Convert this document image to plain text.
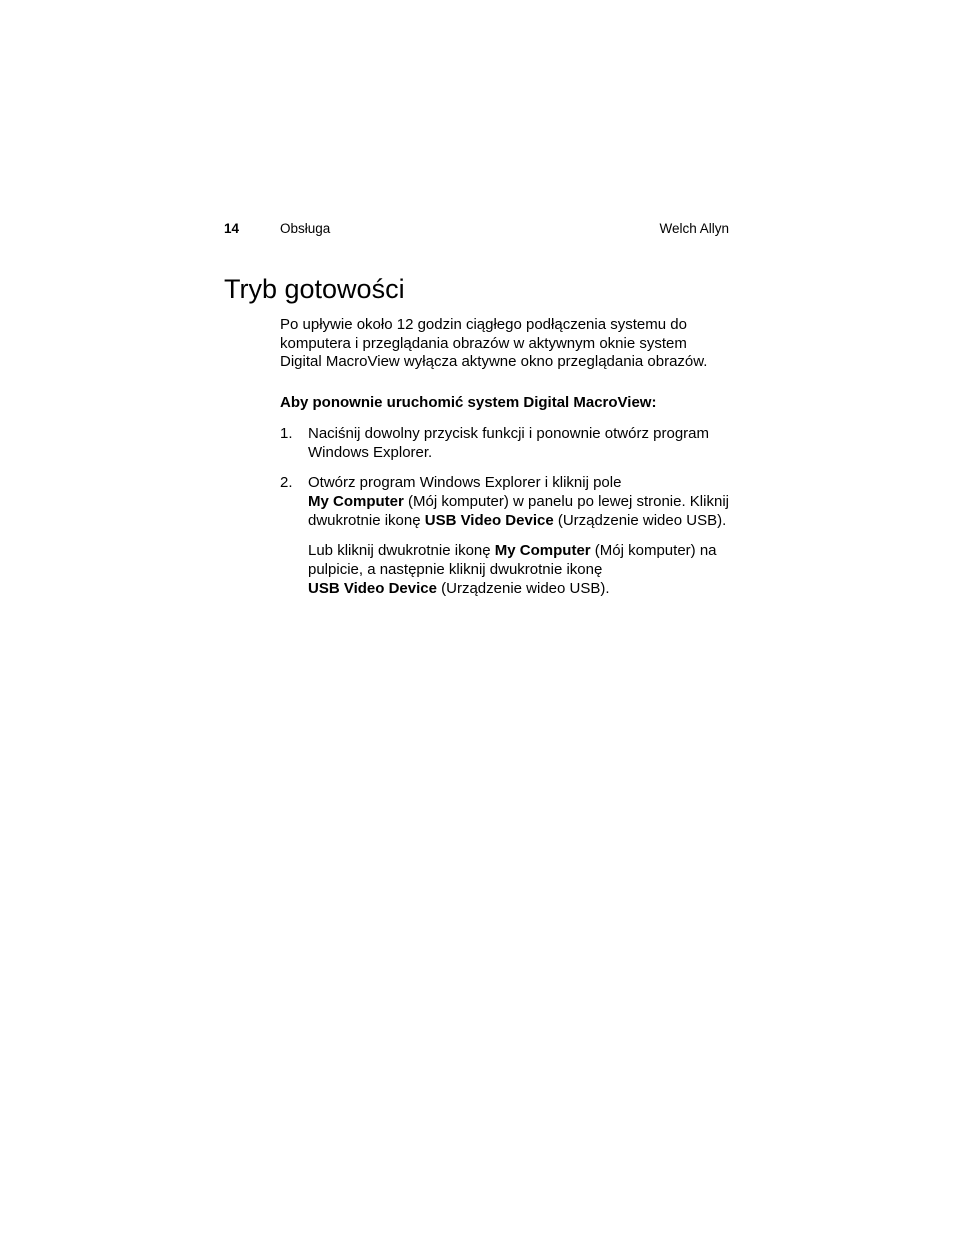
14	Obsługa	Welch Allyn
Tryb gotowości

Po upływie około 12 godzin ciągłego podłączenia systemu do komputera i przeglądania obrazów w aktywnym oknie system Digital MacroView wyłącza aktywne okno przeglądania obrazów.

Aby ponownie uruchomić system Digital MacroView:

1. Naciśnij dowolny przycisk funkcji i ponownie otwórz program Windows Explorer.

2. Otwórz program Windows Explorer i kliknij pole
My Computer (Mój komputer) w panelu po lewej stronie. Kliknij dwukrotnie ikonę USB Video Device (Urządzenie wideo USB).

Lub kliknij dwukrotnie ikonę My Computer (Mój komputer) na pulpicie, a następnie kliknij dwukrotnie ikonę
USB Video Device (Urządzenie wideo USB).
